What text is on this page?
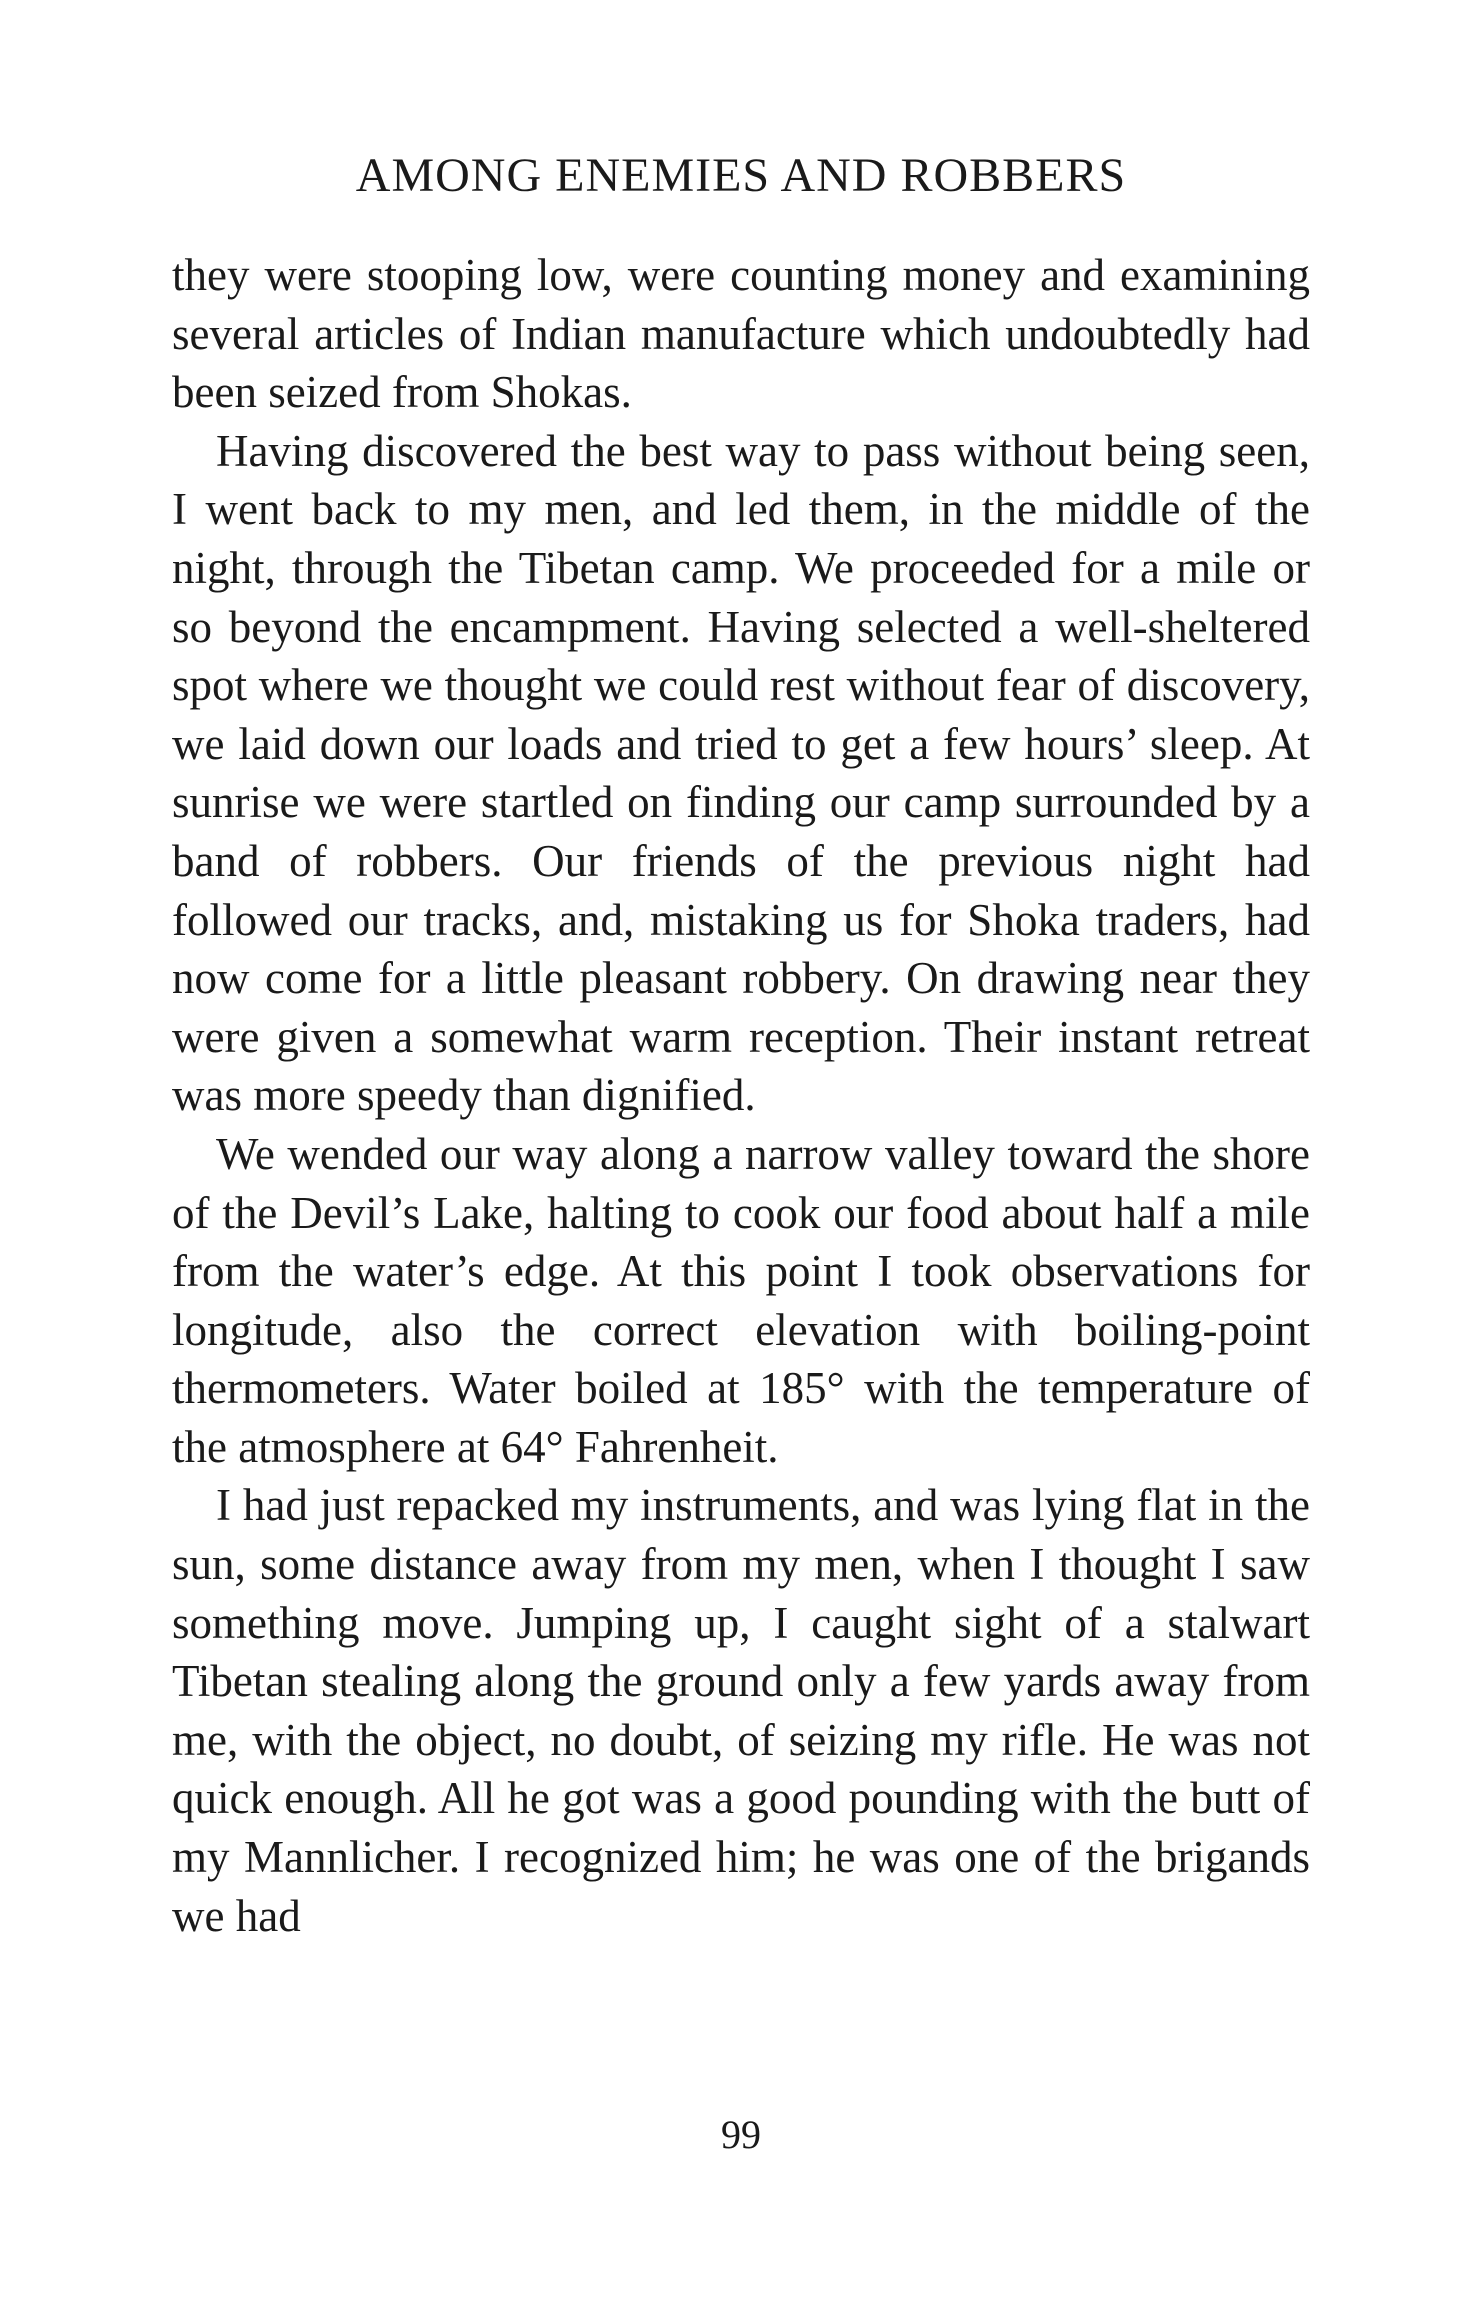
AMONG ENEMIES AND ROBBERS

they were stooping low, were counting money and examining several articles of Indian manufacture which undoubtedly had been seized from Shokas.

Having discovered the best way to pass without being seen, I went back to my men, and led them, in the middle of the night, through the Tibetan camp. We proceeded for a mile or so beyond the encampment. Having selected a well-sheltered spot where we thought we could rest without fear of discovery, we laid down our loads and tried to get a few hours’ sleep. At sunrise we were startled on finding our camp surrounded by a band of robbers. Our friends of the previous night had followed our tracks, and, mistaking us for Shoka traders, had now come for a little pleasant robbery. On drawing near they were given a somewhat warm reception. Their instant retreat was more speedy than dignified.

We wended our way along a narrow valley toward the shore of the Devil’s Lake, halting to cook our food about half a mile from the water’s edge. At this point I took observations for longitude, also the correct elevation with boiling-point thermometers. Water boiled at 185° with the temperature of the atmosphere at 64° Fahrenheit.

I had just repacked my instruments, and was lying flat in the sun, some distance away from my men, when I thought I saw something move. Jumping up, I caught sight of a stalwart Tibetan stealing along the ground only a few yards away from me, with the object, no doubt, of seizing my rifle. He was not quick enough. All he got was a good pounding with the butt of my Mannlicher. I recognized him; he was one of the brigands we had

99
